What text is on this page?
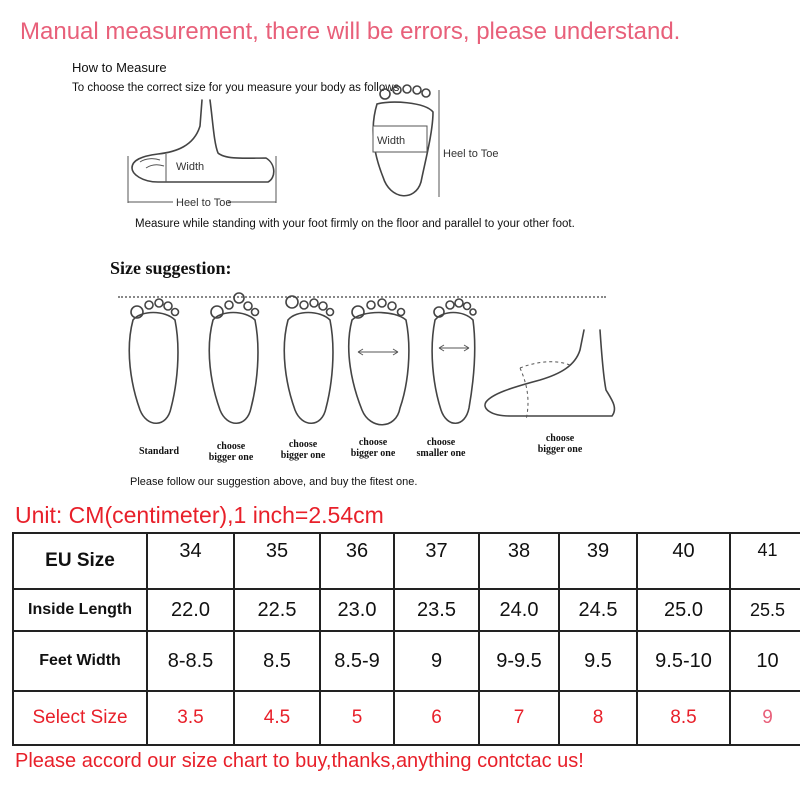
Manual measurement, there will be errors, please understand.
How to Measure
To choose the correct size for you measure your body as follows
Width
Heel to Toe
Width
Heel to Toe
Measure while standing with your foot firmly on the floor and parallel to your other foot.
Size suggestion:
Standard	choose
bigger one
choose
bigger one
choose
bigger one
choose
smaller one
choose
bigger one
Please follow our suggestion above, and buy the fitest one.
Unit: CM(centimeter),1 inch=2.54cm
EU Size	34	35	36	37	38	39	40	41
Inside Length	22.0	22.5	23.0	23.5	24.0	24.5	25.0	25.5
Feet Width	8-8.5	8.5	8.5-9	9	9-9.5	9.5	9.5-10	10
Select Size	3.5	4.5	5	6	7	8	8.5	9
Please accord our size chart to buy,thanks,anything contctac us!
